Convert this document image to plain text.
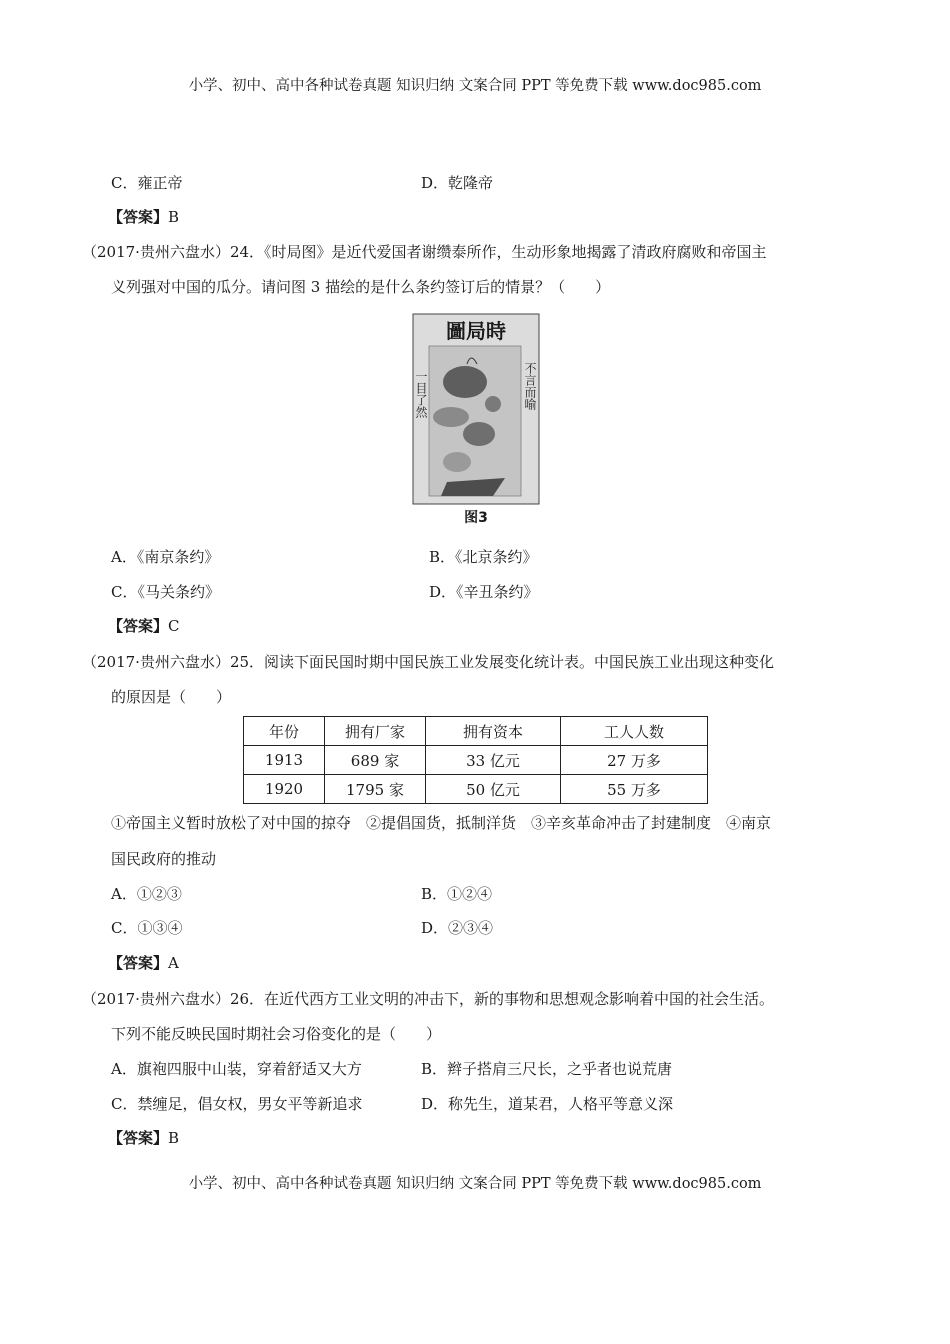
小学、初中、高中各种试卷真题 知识归纳 文案合同 PPT 等免费下载 www.doc985.com
C．雍正帝	D．乾隆帝
【答案】B
（2017·贵州六盘水）24．《时局图》是近代爱国者谢缵泰所作，生动形象地揭露了清政府腐败和帝国主
义列强对中国的瓜分。请问图 3 描绘的是什么条约签订后的情景？（　　）
圖局時
一目了然	不言而喻
图3
A．《南京条约》	B．《北京条约》
C．《马关条约》	D．《辛丑条约》
【答案】C
（2017·贵州六盘水）25．阅读下面民国时期中国民族工业发展变化统计表。中国民族工业出现这种变化
的原因是（　　）
年份	拥有厂家	拥有资本	工人人数
1913	689 家	33 亿元	27 万多
1920	1795 家	50 亿元	55 万多
①帝国主义暂时放松了对中国的掠夺　②提倡国货，抵制洋货　③辛亥革命冲击了封建制度　④南京
国民政府的推动
A．①②③	B．①②④
C．①③④	D．②③④
【答案】A
（2017·贵州六盘水）26．在近代西方工业文明的冲击下，新的事物和思想观念影响着中国的社会生活。
下列不能反映民国时期社会习俗变化的是（　　）
A．旗袍四服中山装，穿着舒适又大方	B．辫子搭肩三尺长，之乎者也说荒唐
C．禁缠足，倡女权，男女平等新追求	D．称先生，道某君，人格平等意义深
【答案】B
小学、初中、高中各种试卷真题 知识归纳 文案合同 PPT 等免费下载 www.doc985.com
